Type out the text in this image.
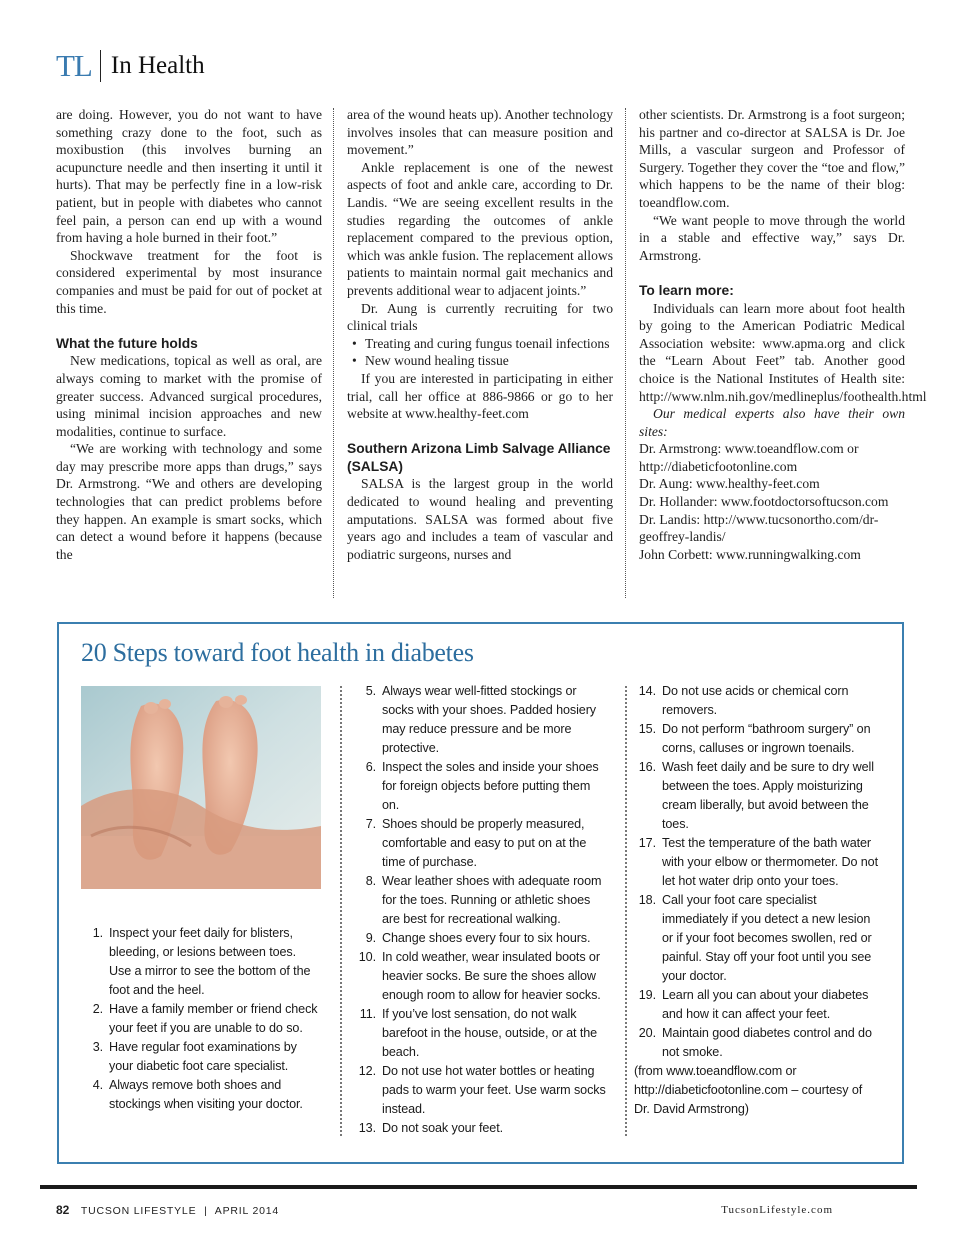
TL In Health

are doing. However, you do not want to have something crazy done to the foot, such as moxibustion (this involves burning an acupuncture needle and then inserting it until it hurts). That may be perfectly fine in a low-risk patient, but in people with diabetes who cannot feel pain, a person can end up with a wound from having a hole burned in their foot.”

Shockwave treatment for the foot is considered experimental by most insurance companies and must be paid for out of pocket at this time.

What the future holds

New medications, topical as well as oral, are always coming to market with the promise of greater success. Advanced surgical procedures, using minimal incision approaches and new modalities, continue to surface.

“We are working with technology and some day may prescribe more apps than drugs,” says Dr. Armstrong. “We and others are developing technologies that can predict problems before they happen. An example is smart socks, which can detect a wound before it happens (because the

area of the wound heats up). Another technology involves insoles that can measure position and movement.”

Ankle replacement is one of the newest aspects of foot and ankle care, according to Dr. Landis. “We are seeing excellent results in the studies regarding the outcomes of ankle replacement compared to the previous option, which was ankle fusion. The replacement allows patients to maintain normal gait mechanics and prevents additional wear to adjacent joints.”

Dr. Aung is currently recruiting for two clinical trials

• Treating and curing fungus toenail infections
• New wound healing tissue

If you are interested in participating in either trial, call her office at 886-9866 or go to her website at www.healthy-feet.com

Southern Arizona Limb Salvage Alliance (SALSA)

SALSA is the largest group in the world dedicated to wound healing and preventing amputations. SALSA was formed about five years ago and includes a team of vascular and podiatric surgeons, nurses and

other scientists. Dr. Armstrong is a foot surgeon; his partner and co-director at SALSA is Dr. Joe Mills, a vascular surgeon and Professor of Surgery. Together they cover the “toe and flow,” which happens to be the name of their blog: toeandflow.com.

“We want people to move through the world in a stable and effective way,” says Dr. Armstrong.

To learn more:

Individuals can learn more about foot health by going to the American Podiatric Medical Association website: www.apma.org and click the “Learn About Feet” tab. Another good choice is the National Institutes of Health site: http://www.nlm.nih.gov/medlineplus/foothealth.html

Our medical experts also have their own sites:

Dr. Armstrong: www.toeandflow.com or http://diabeticfootonline.com

Dr. Aung: www.healthy-feet.com

Dr. Hollander: www.footdoctorsoftucson.com

Dr. Landis: http://www.tucsonortho.com/dr-geoffrey-landis/

John Corbett: www.runningwalking.com

20 Steps toward foot health in diabetes
1. Inspect your feet daily for blisters, bleeding, or lesions between toes. Use a mirror to see the bottom of the foot and the heel.
2. Have a family member or friend check your feet if you are unable to do so.
3. Have regular foot examinations by your diabetic foot care specialist.
4. Always remove both shoes and stockings when visiting your doctor.
5. Always wear well-fitted stockings or socks with your shoes. Padded hosiery may reduce pressure and be more protective.
6. Inspect the soles and inside your shoes for foreign objects before putting them on.
7. Shoes should be properly measured, comfortable and easy to put on at the time of purchase.
8. Wear leather shoes with adequate room for the toes. Running or athletic shoes are best for recreational walking.
9. Change shoes every four to six hours.
10. In cold weather, wear insulated boots or heavier socks. Be sure the shoes allow enough room to allow for heavier socks.
11. If you’ve lost sensation, do not walk barefoot in the house, outside, or at the beach.
12. Do not use hot water bottles or heating pads to warm your feet. Use warm socks instead.
13. Do not soak your feet.
14. Do not use acids or chemical corn removers.
15. Do not perform “bathroom surgery” on corns, calluses or ingrown toenails.
16. Wash feet daily and be sure to dry well between the toes. Apply moisturizing cream liberally, but avoid between the toes.
17. Test the temperature of the bath water with your elbow or thermometer. Do not let hot water drip onto your toes.
18. Call your foot care specialist immediately if you detect a new lesion or if your foot becomes swollen, red or painful. Stay off your foot until you see your doctor.
19. Learn all you can about your diabetes and how it can affect your feet.
20. Maintain good diabetes control and do not smoke.
(from www.toeandflow.com or http://diabeticfootonline.com – courtesy of Dr. David Armstrong)
82 TUCSON LIFESTYLE | APRIL 2014	TucsonLifestyle.com
